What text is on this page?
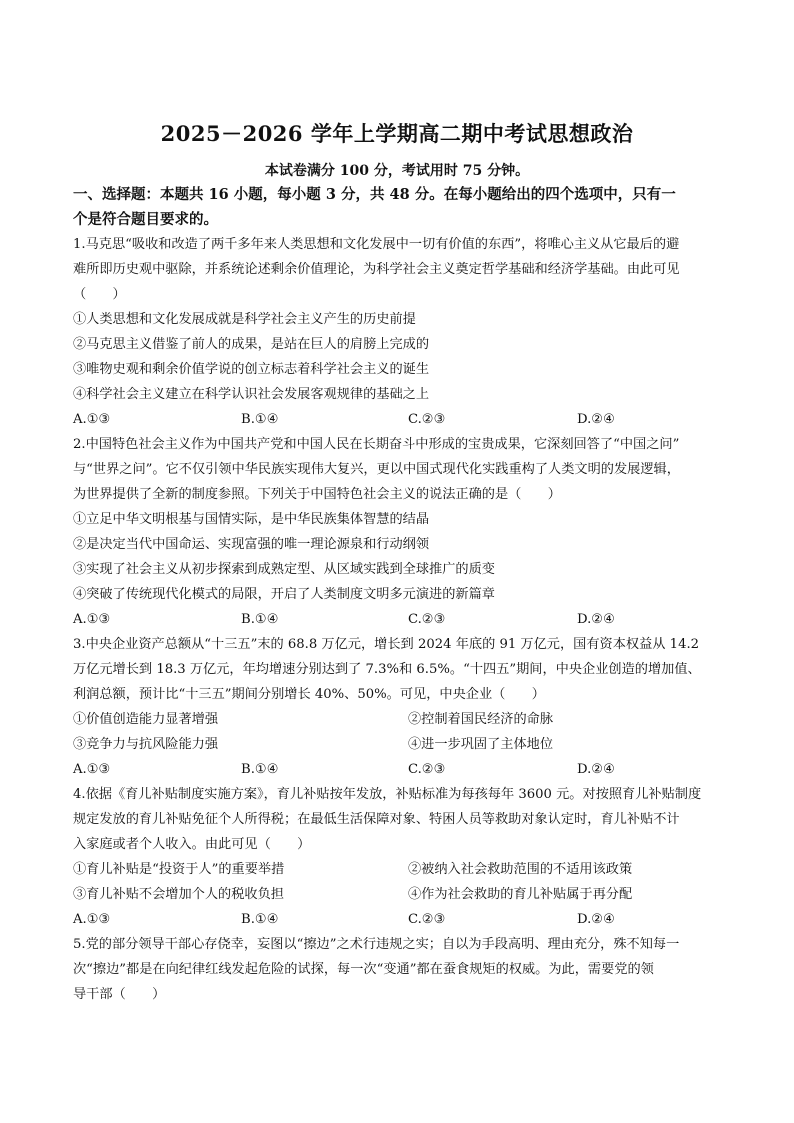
2025－2026 学年上学期高二期中考试思想政治
本试卷满分 100 分，考试用时 75 分钟。
一、选择题：本题共 16 小题，每小题 3 分，共 48 分。在每小题给出的四个选项中，只有一
个是符合题目要求的。
1.马克思“吸收和改造了两千多年来人类思想和文化发展中一切有价值的东西”，将唯心主义从它最后的避
难所即历史观中驱除，并系统论述剩余价值理论，为科学社会主义奠定哲学基础和经济学基础。由此可见
（　　）
①人类思想和文化发展成就是科学社会主义产生的历史前提
②马克思主义借鉴了前人的成果，是站在巨人的肩膀上完成的
③唯物史观和剩余价值学说的创立标志着科学社会主义的诞生
④科学社会主义建立在科学认识社会发展客观规律的基础之上
A.①③	B.①④	C.②③	D.②④
2.中国特色社会主义作为中国共产党和中国人民在长期奋斗中形成的宝贵成果，它深刻回答了“中国之问”
与“世界之问”。它不仅引领中华民族实现伟大复兴，更以中国式现代化实践重构了人类文明的发展逻辑，
为世界提供了全新的制度参照。下列关于中国特色社会主义的说法正确的是（　　）
①立足中华文明根基与国情实际，是中华民族集体智慧的结晶
②是决定当代中国命运、实现富强的唯一理论源泉和行动纲领
③实现了社会主义从初步探索到成熟定型、从区域实践到全球推广的质变
④突破了传统现代化模式的局限，开启了人类制度文明多元演进的新篇章
A.①③	B.①④	C.②③	D.②④
3.中央企业资产总额从“十三五”末的 68.8 万亿元，增长到 2024 年底的 91 万亿元，国有资本权益从 14.2
万亿元增长到 18.3 万亿元，年均增速分别达到了 7.3%和 6.5%。“十四五”期间，中央企业创造的增加值、
利润总额，预计比“十三五”期间分别增长 40%、50%。可见，中央企业（　　）
①价值创造能力显著增强	②控制着国民经济的命脉
③竞争力与抗风险能力强	④进一步巩固了主体地位
A.①③	B.①④	C.②③	D.②④
4.依据《育儿补贴制度实施方案》，育儿补贴按年发放，补贴标准为每孩每年 3600 元。对按照育儿补贴制度
规定发放的育儿补贴免征个人所得税；在最低生活保障对象、特困人员等救助对象认定时，育儿补贴不计
入家庭或者个人收入。由此可见（　　）
①育儿补贴是“投资于人”的重要举措	②被纳入社会救助范围的不适用该政策
③育儿补贴不会增加个人的税收负担	④作为社会救助的育儿补贴属于再分配
A.①③	B.①④	C.②③	D.②④
5.党的部分领导干部心存侥幸，妄图以“擦边”之术行违规之实；自以为手段高明、理由充分，殊不知每一
次“擦边”都是在向纪律红线发起危险的试探，每一次“变通”都在蚕食规矩的权威。为此，需要党的领
导干部（　　）
